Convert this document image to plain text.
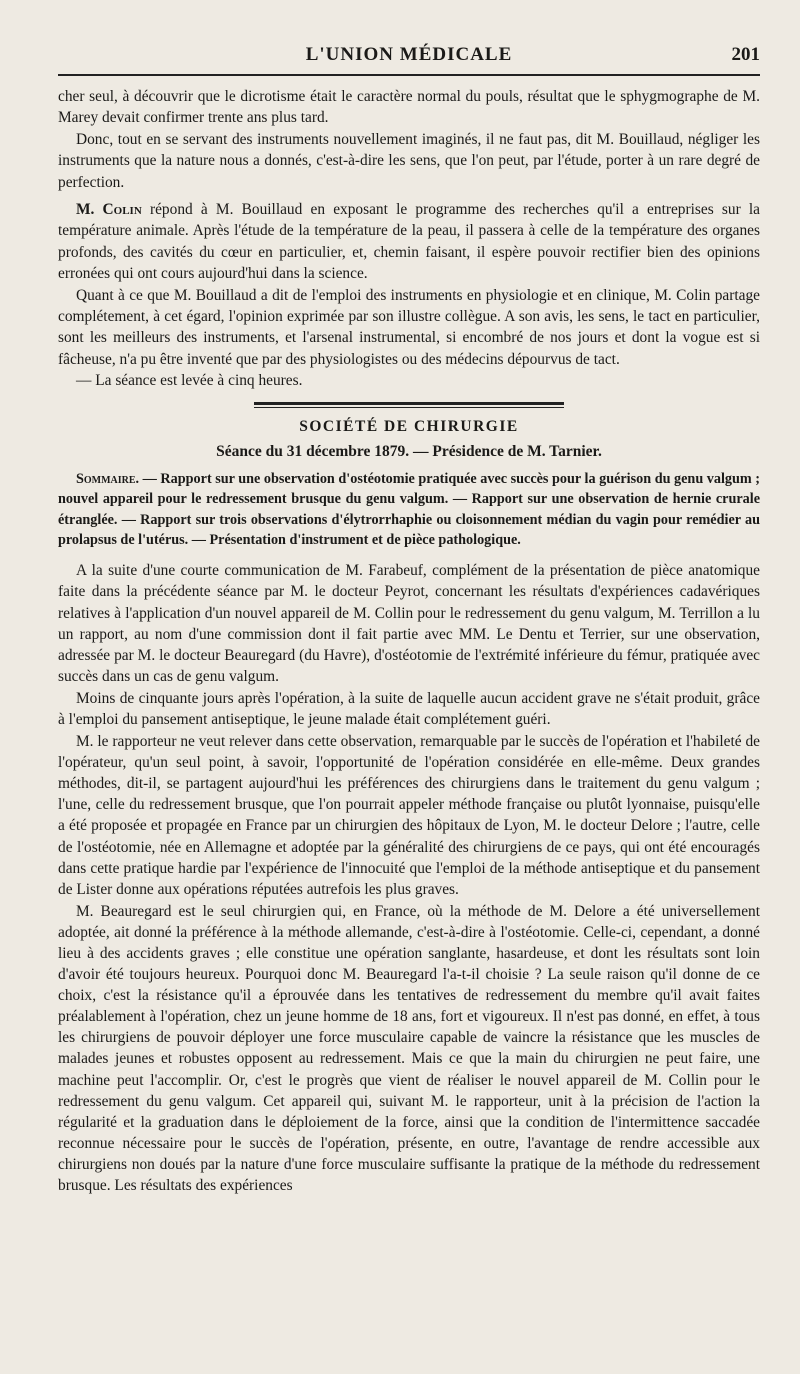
L'UNION MÉDICALE	201

cher seul, à découvrir que le dicrotisme était le caractère normal du pouls, résultat que le sphygmographe de M. Marey devait confirmer trente ans plus tard.

Donc, tout en se servant des instruments nouvellement imaginés, il ne faut pas, dit M. Bouillaud, négliger les instruments que la nature nous a donnés, c'est-à-dire les sens, que l'on peut, par l'étude, porter à un rare degré de perfection.

M. Colin répond à M. Bouillaud en exposant le programme des recherches qu'il a entreprises sur la température animale. Après l'étude de la température de la peau, il passera à celle de la température des organes profonds, des cavités du cœur en particulier, et, chemin faisant, il espère pouvoir rectifier bien des opinions erronées qui ont cours aujourd'hui dans la science.

Quant à ce que M. Bouillaud a dit de l'emploi des instruments en physiologie et en clinique, M. Colin partage complétement, à cet égard, l'opinion exprimée par son illustre collègue. A son avis, les sens, le tact en particulier, sont les meilleurs des instruments, et l'arsenal instrumental, si encombré de nos jours et dont la vogue est si fâcheuse, n'a pu être inventé que par des physiologistes ou des médecins dépourvus de tact.

— La séance est levée à cinq heures.

SOCIÉTÉ DE CHIRURGIE
Séance du 31 décembre 1879. — Présidence de M. Tarnier.

Sommaire. — Rapport sur une observation d'ostéotomie pratiquée avec succès pour la guérison du genu valgum ; nouvel appareil pour le redressement brusque du genu valgum. — Rapport sur une observation de hernie crurale étranglée. — Rapport sur trois observations d'élytrorrhaphie ou cloisonnement médian du vagin pour remédier au prolapsus de l'utérus. — Présentation d'instrument et de pièce pathologique.

A la suite d'une courte communication de M. Farabeuf, complément de la présentation de pièce anatomique faite dans la précédente séance par M. le docteur Peyrot, concernant les résultats d'expériences cadavériques relatives à l'application d'un nouvel appareil de M. Collin pour le redressement du genu valgum, M. Terrillon a lu un rapport, au nom d'une commission dont il fait partie avec MM. Le Dentu et Terrier, sur une observation, adressée par M. le docteur Beauregard (du Havre), d'ostéotomie de l'extrémité inférieure du fémur, pratiquée avec succès dans un cas de genu valgum.

Moins de cinquante jours après l'opération, à la suite de laquelle aucun accident grave ne s'était produit, grâce à l'emploi du pansement antiseptique, le jeune malade était complétement guéri.

M. le rapporteur ne veut relever dans cette observation, remarquable par le succès de l'opération et l'habileté de l'opérateur, qu'un seul point, à savoir, l'opportunité de l'opération considérée en elle-même. Deux grandes méthodes, dit-il, se partagent aujourd'hui les préférences des chirurgiens dans le traitement du genu valgum ; l'une, celle du redressement brusque, que l'on pourrait appeler méthode française ou plutôt lyonnaise, puisqu'elle a été proposée et propagée en France par un chirurgien des hôpitaux de Lyon, M. le docteur Delore ; l'autre, celle de l'ostéotomie, née en Allemagne et adoptée par la généralité des chirurgiens de ce pays, qui ont été encouragés dans cette pratique hardie par l'expérience de l'innocuité que l'emploi de la méthode antiseptique et du pansement de Lister donne aux opérations réputées autrefois les plus graves.

M. Beauregard est le seul chirurgien qui, en France, où la méthode de M. Delore a été universellement adoptée, ait donné la préférence à la méthode allemande, c'est-à-dire à l'ostéotomie. Celle-ci, cependant, a donné lieu à des accidents graves ; elle constitue une opération sanglante, hasardeuse, et dont les résultats sont loin d'avoir été toujours heureux. Pourquoi donc M. Beauregard l'a-t-il choisie ? La seule raison qu'il donne de ce choix, c'est la résistance qu'il a éprouvée dans les tentatives de redressement du membre qu'il avait faites préalablement à l'opération, chez un jeune homme de 18 ans, fort et vigoureux. Il n'est pas donné, en effet, à tous les chirurgiens de pouvoir déployer une force musculaire capable de vaincre la résistance que les muscles de malades jeunes et robustes opposent au redressement. Mais ce que la main du chirurgien ne peut faire, une machine peut l'accomplir. Or, c'est le progrès que vient de réaliser le nouvel appareil de M. Collin pour le redressement du genu valgum. Cet appareil qui, suivant M. le rapporteur, unit à la précision de l'action la régularité et la graduation dans le déploiement de la force, ainsi que la condition de l'intermittence saccadée reconnue nécessaire pour le succès de l'opération, présente, en outre, l'avantage de rendre accessible aux chirurgiens non doués par la nature d'une force musculaire suffisante la pratique de la méthode du redressement brusque. Les résultats des expériences
